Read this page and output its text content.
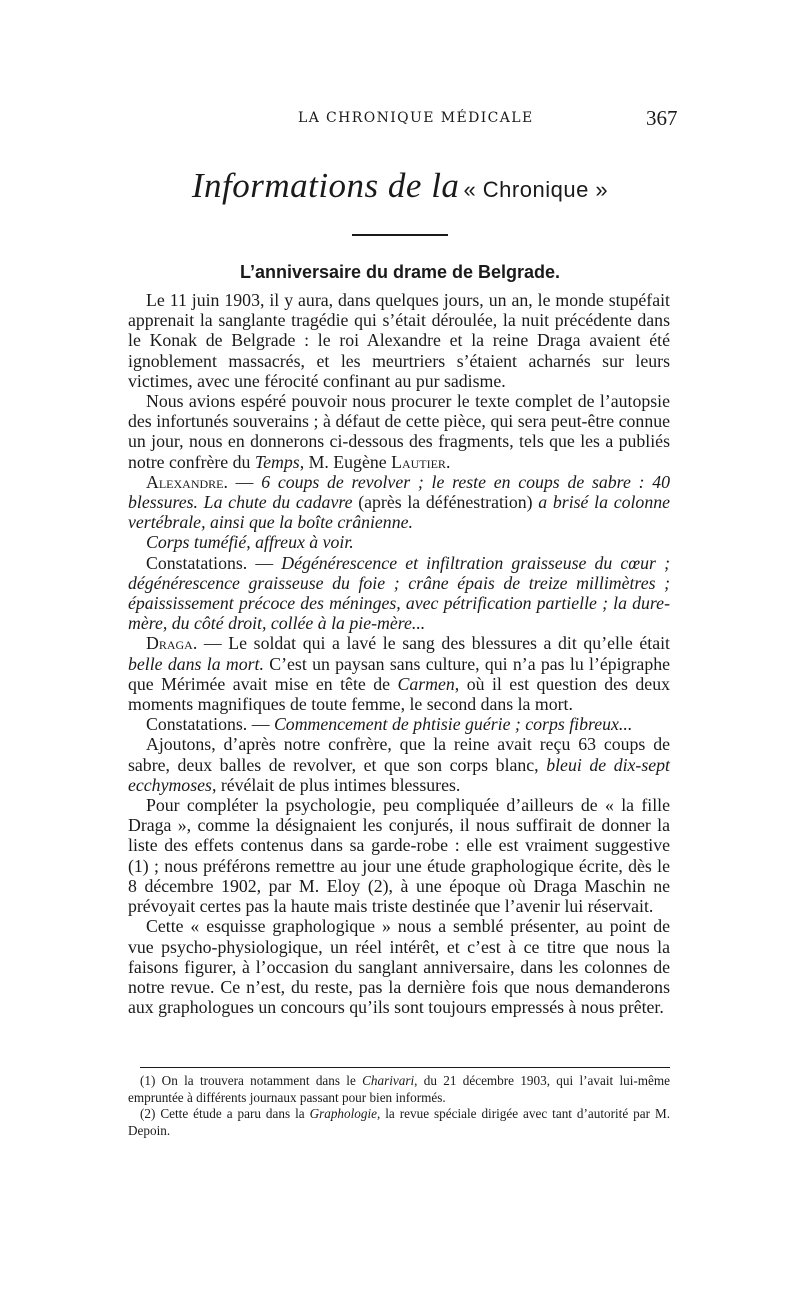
LA CHRONIQUE MÉDICALE	367
Informations de la « Chronique »
L’anniversaire du drame de Belgrade.

Le 11 juin 1903, il y aura, dans quelques jours, un an, le monde stupéfait apprenait la sanglante tragédie qui s’était déroulée, la nuit précédente dans le Konak de Belgrade : le roi Alexandre et la reine Draga avaient été ignoblement massacrés, et les meurtriers s’étaient acharnés sur leurs victimes, avec une férocité confinant au pur sadisme.

Nous avions espéré pouvoir nous procurer le texte complet de l’autopsie des infortunés souverains ; à défaut de cette pièce, qui sera peut-être connue un jour, nous en donnerons ci-dessous des fragments, tels que les a publiés notre confrère du Temps, M. Eugène Lautier.

Alexandre. — 6 coups de revolver ; le reste en coups de sabre : 40 blessures. La chute du cadavre (après la défénestration) a brisé la colonne vertébrale, ainsi que la boîte crânienne.

Corps tuméfié, affreux à voir.

Constatations. — Dégénérescence et infiltration graisseuse du cœur ; dégénérescence graisseuse du foie ; crâne épais de treize millimètres ; épaississement précoce des méninges, avec pétrification partielle ; la dure-mère, du côté droit, collée à la pie-mère...

Draga. — Le soldat qui a lavé le sang des blessures a dit qu’elle était belle dans la mort. C’est un paysan sans culture, qui n’a pas lu l’épigraphe que Mérimée avait mise en tête de Carmen, où il est question des deux moments magnifiques de toute femme, le second dans la mort.

Constatations. — Commencement de phtisie guérie ; corps fibreux...

Ajoutons, d’après notre confrère, que la reine avait reçu 63 coups de sabre, deux balles de revolver, et que son corps blanc, bleui de dix-sept ecchymoses, révélait de plus intimes blessures.

Pour compléter la psychologie, peu compliquée d’ailleurs de « la fille Draga », comme la désignaient les conjurés, il nous suffirait de donner la liste des effets contenus dans sa garde-robe : elle est vraiment suggestive (1) ; nous préférons remettre au jour une étude graphologique écrite, dès le 8 décembre 1902, par M. Eloy (2), à une époque où Draga Maschin ne prévoyait certes pas la haute mais triste destinée que l’avenir lui réservait.

Cette « esquisse graphologique » nous a semblé présenter, au point de vue psycho-physiologique, un réel intérêt, et c’est à ce titre que nous la faisons figurer, à l’occasion du sanglant anniversaire, dans les colonnes de notre revue. Ce n’est, du reste, pas la dernière fois que nous demanderons aux graphologues un concours qu’ils sont toujours empressés à nous prêter.

(1) On la trouvera notamment dans le Charivari, du 21 décembre 1903, qui l’avait lui-même empruntée à différents journaux passant pour bien informés.

(2) Cette étude a paru dans la Graphologie, la revue spéciale dirigée avec tant d’autorité par M. Depoin.
